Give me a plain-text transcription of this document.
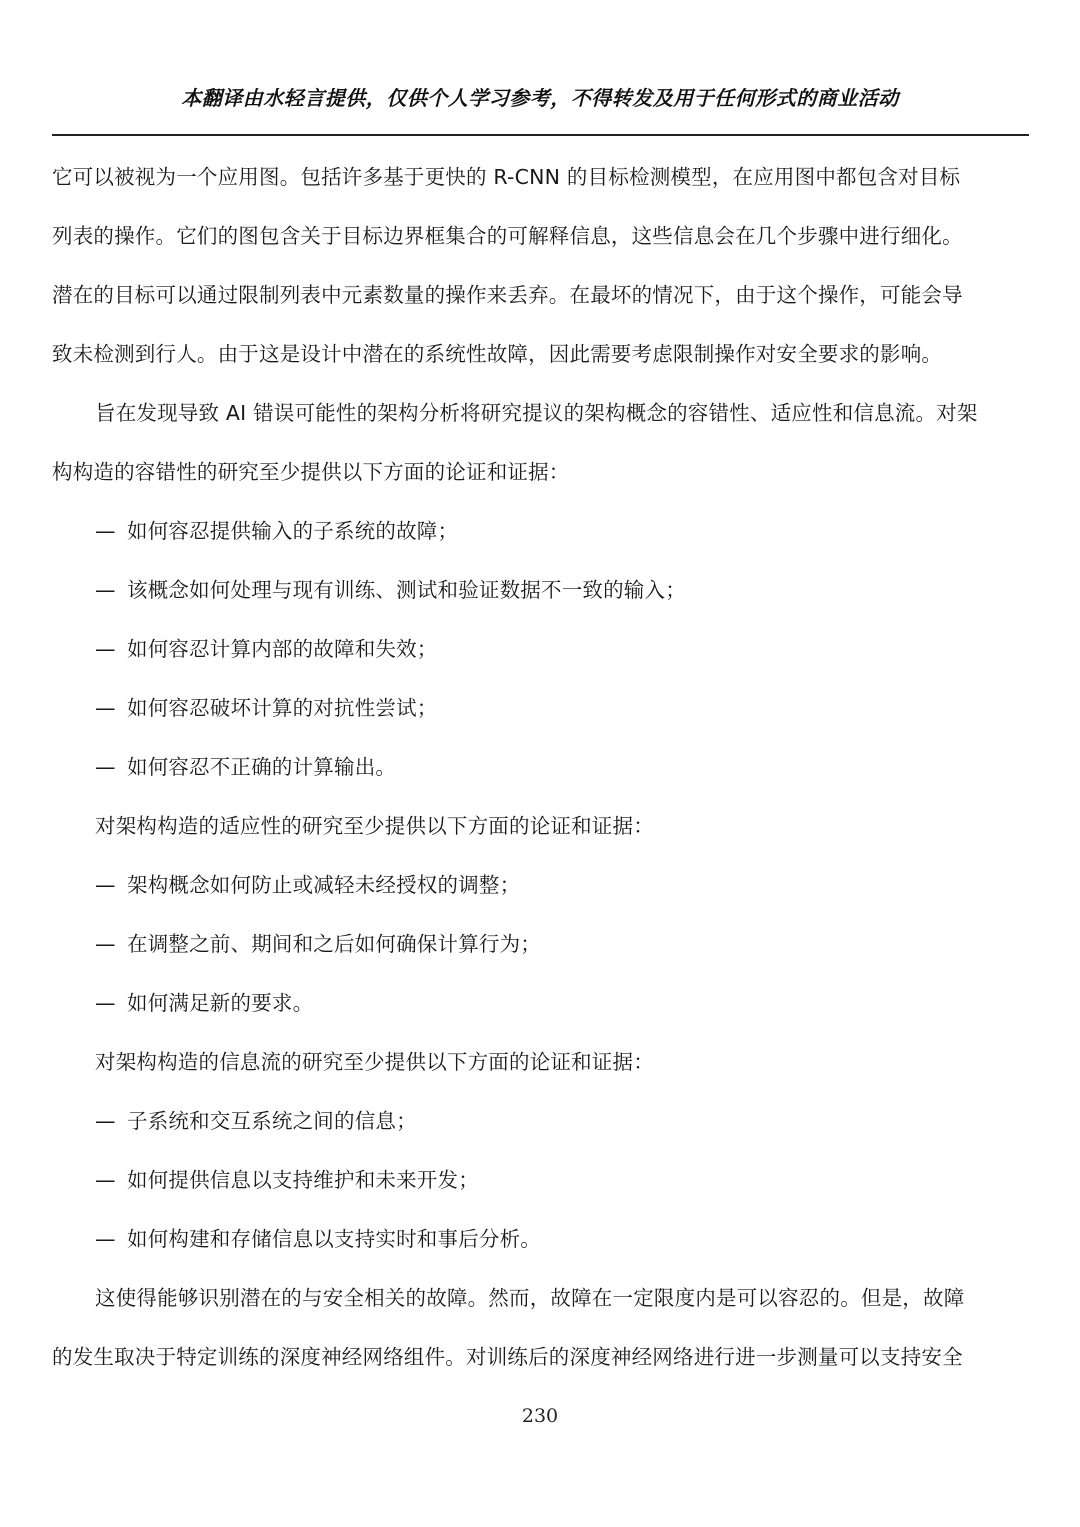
本翻译由水轻言提供，仅供个人学习参考，不得转发及用于任何形式的商业活动
它可以被视为一个应用图。包括许多基于更快的 R-CNN 的目标检测模型，在应用图中都包含对目标
列表的操作。它们的图包含关于目标边界框集合的可解释信息，这些信息会在几个步骤中进行细化。
潜在的目标可以通过限制列表中元素数量的操作来丢弃。在最坏的情况下，由于这个操作，可能会导
致未检测到行人。由于这是设计中潜在的系统性故障，因此需要考虑限制操作对安全要求的影响。
旨在发现导致 AI 错误可能性的架构分析将研究提议的架构概念的容错性、适应性和信息流。对架
构构造的容错性的研究至少提供以下方面的论证和证据：
— 如何容忍提供输入的子系统的故障；
— 该概念如何处理与现有训练、测试和验证数据不一致的输入；
— 如何容忍计算内部的故障和失效；
— 如何容忍破坏计算的对抗性尝试；
— 如何容忍不正确的计算输出。
对架构构造的适应性的研究至少提供以下方面的论证和证据：
— 架构概念如何防止或减轻未经授权的调整；
— 在调整之前、期间和之后如何确保计算行为；
— 如何满足新的要求。
对架构构造的信息流的研究至少提供以下方面的论证和证据：
— 子系统和交互系统之间的信息；
— 如何提供信息以支持维护和未来开发；
— 如何构建和存储信息以支持实时和事后分析。
这使得能够识别潜在的与安全相关的故障。然而，故障在一定限度内是可以容忍的。但是，故障
的发生取决于特定训练的深度神经网络组件。对训练后的深度神经网络进行进一步测量可以支持安全
230
